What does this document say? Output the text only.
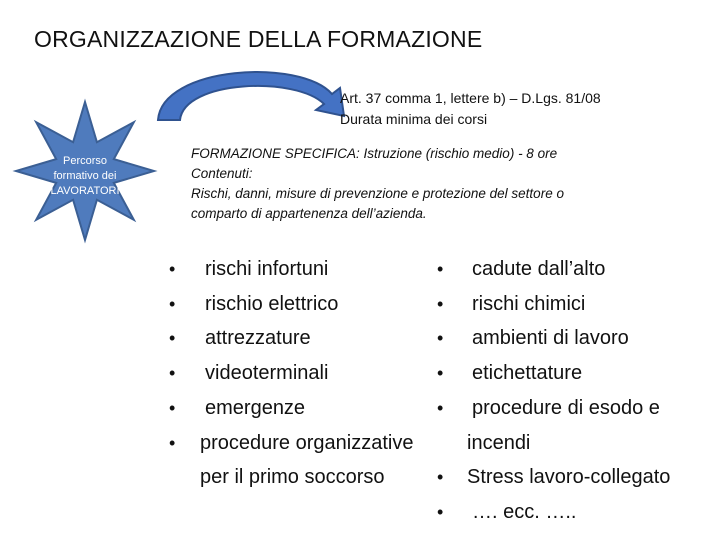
ORGANIZZAZIONE DELLA FORMAZIONE
Art. 37 comma 1, lettere b) – D.Lgs. 81/08
Durata minima dei corsi
Percorso
formativo dei
LAVORATORI
FORMAZIONE SPECIFICA: Istruzione (rischio medio) - 8 ore
Contenuti:
Rischi, danni, misure di prevenzione e protezione del settore o
comparto di appartenenza dell’azienda.
•	rischi infortuni
•	rischio elettrico
•	attrezzature
•	videoterminali
•	emergenze
•	procedure organizzative
per il primo soccorso
•	cadute dall’alto
•	rischi chimici
•	ambienti di lavoro
•	etichettature
•	procedure di esodo e
incendi
•	Stress lavoro-collegato
•	…. ecc. …..
